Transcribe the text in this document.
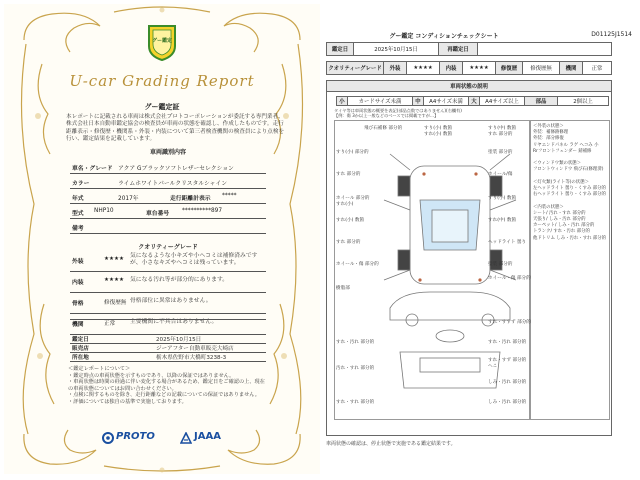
グー鑑定
U-car Grading Report
グー鑑定証
本レポートに記載される車両は株式会社プロトコーポレーションが委託する専門業者、株式会社日本自動車鑑定協会の検査員が車両の状態を確認し、作成したものです。走行距離表示・修復歴・機関系・外装・内装について第三者検査機関の検査員により点検を行い、鑑定結果を記載しています。
車両識別内容
車名・グレード アクア Gブラックソフトレザーセレクション
カラー	ライムホワイトパールクリスタルシャイン
年式	2017年	走行距離計表示 *****
型式 NHP10	車台番号 **********897
備考
クオリティーグレード
外装	★★★★ 気になるような小キズや小へコミは補修済みですが、小さなキズやヘコミは残っています。
内装	★★★★ 気になる汚れ等が部分的にあります。
骨格	修復歴無 骨格部位に異常はありません。
機関	正常	主要機関に不具合はありません。
鑑定日	2025年10月15日
販売店	ジーアフター自動車販売大崎店
所在地	栃木県佐野市大橋町3238-3
＜鑑定レポートについて＞
・鑑定時点の車両状態を示すものであり、以降の保証ではありません。
・車両状態は時間の経過に伴い変化する場合があるため、鑑定日をご確認の上、現在の車両状態についてはお問い合わせください。
・点検に関するものを除き、走行距離などの記載についての保証ではありません。
・評価については独自の基準で実施しております。
PROTO	JAAA
グー鑑定 コンディションチェックシート	D01125J1514
鑑定日	2025年10月15日	再鑑定日
クオリティーグレード	外装	★★★★	内装	★★★★	修復歴	修復歴無	機関	正常
車両状態の説明
小	カードサイズ未満	中	A4サイズ未満	大	A4サイズ以上	部品	2個以上
タイヤ等は車両状態の概要を表記(部品点数ではありません)(右欄有)
【例：傷 3か以上一般などのベースでは掲載ですが…】
飛び石補修 部分的	すり(小) 数箇
すれ(小) 数箇
すり(中) 数箇
すれ 部分的
すり(小) 部分的	塗装 部分的
すれ 部分的	ホイール/傷
すり(小) 数箇
ホイール 部分的
すれ(小)
すれ(中) 数箇
すれ(小) 数箇
ヘッドライト 曇り
すれ 部分的
塗装 部分的
ホイール・傷 部分的
ホイール・傷 部分的
樹脂部
すれ・すすず 部分的
すれ・汚れ 部分的	すれ・汚れ 部分的
すれ・すず 部分的
へこ
汚れ・すれ 部分的
しみ・汚れ 部分的
すれ・すれ 部分的	しみ・汚れ 部分的
＜外装の状態＞
外装：補修跡修理
外装：部分修復
リヤエンドパネル ラゲ ヘコみ 小
Rrフロントフェンダー 錆補修

＜ウィンドウ類の状態＞
フロントウィンドウ 飛び石(修理済)

＜灯火類(ライト等)の状態＞
左ヘッドライト 曇り・くすみ 部分的
右ヘッドライト 曇り・くすみ 部分的

＜内装の状態＞
シート/ 汚れ・すれ 部分的
天張り/ しみ・汚れ 部分的
カーペット/ しみ・汚れ 部分的
トランク/ すれ・汚れ 部分的
他ドトリム しみ・汚れ・すれ 部分的
車両状態の確認は、停止状態で実施である鑑定結果です。
